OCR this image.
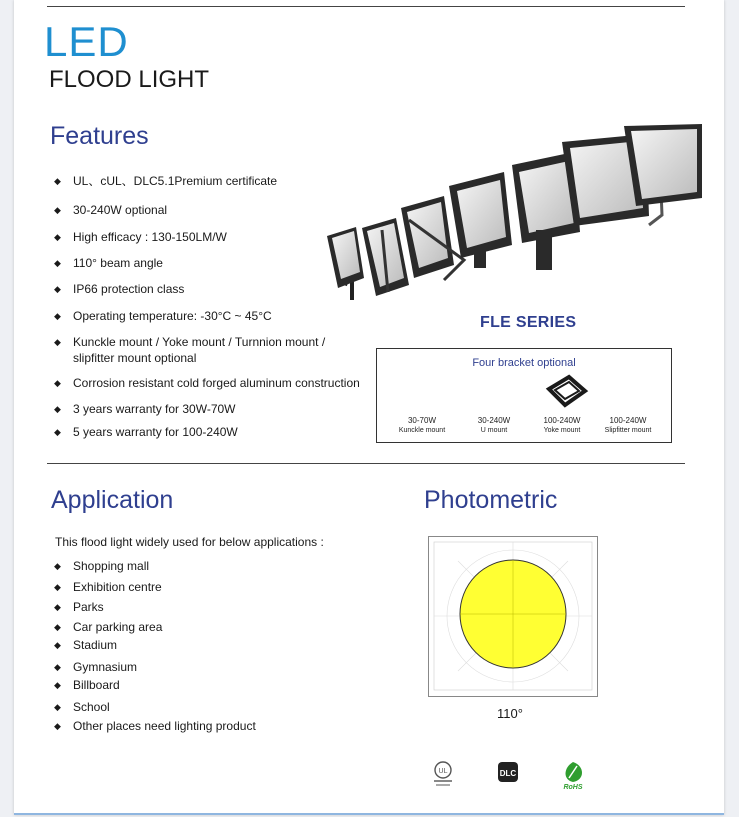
LED
FLOOD LIGHT
Features
◆ UL、cUL、DLC5.1Premium certificate
◆ 30-240W optional
◆ High efficacy : 130-150LM/W
◆ 110° beam angle
◆ IP66 protection class
◆ Operating temperature: -30°C ~ 45°C
◆ Kunckle mount / Yoke mount / Turnnion mount /
slipfitter mount optional
◆ Corrosion resistant cold forged aluminum construction
◆ 3 years warranty for 30W-70W
◆ 5 years warranty for 100-240W
FLE SERIES
Four bracket optional
30-70W
Kunckle mount
30-240W
U mount
100-240W
Yoke mount
100-240W
Slipfitter mount
Application
This flood light widely used for below applications :
◆ Shopping mall
◆ Exhibition centre
◆ Parks
◆ Car parking area
◆ Stadium
◆ Gymnasium
◆ Billboard
◆ School
◆ Other places need lighting product
Photometric
110°
UL	DLC
RoHS
